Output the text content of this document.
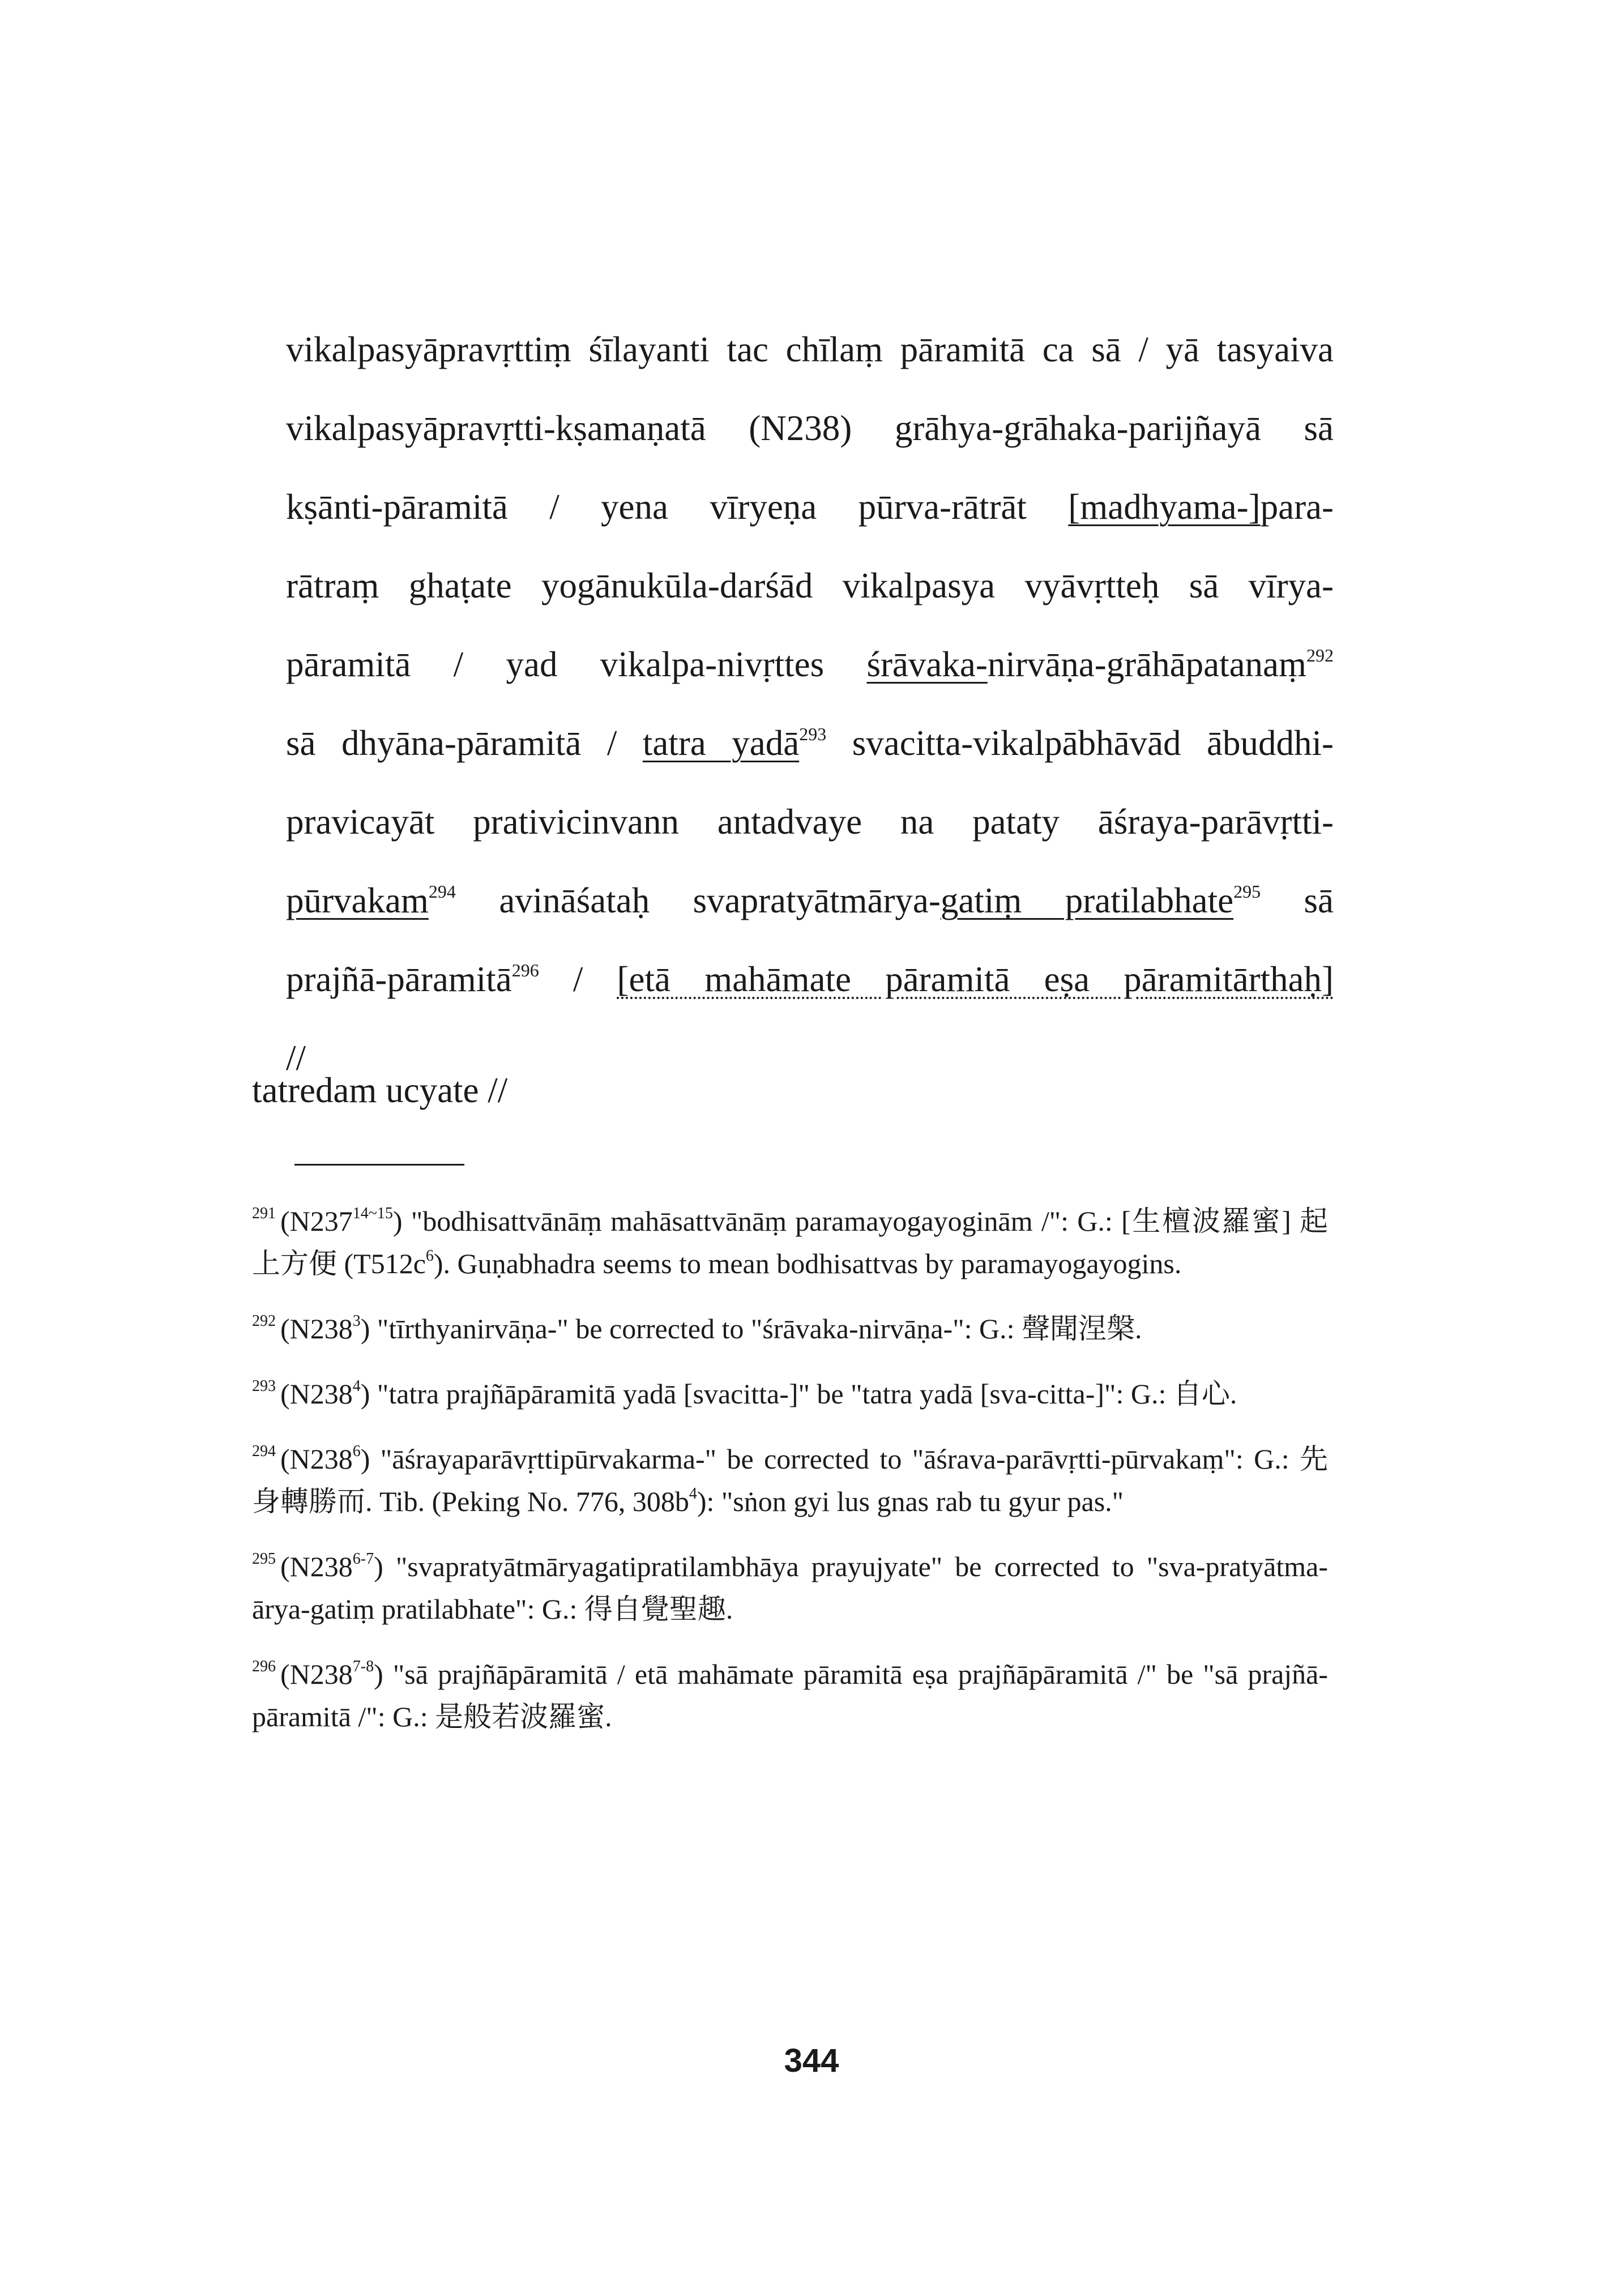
vikalpasyāpravṛttiṃ śīlayanti tac chīlaṃ pāramitā ca sā / yā tasyaiva
vikalpasyāpravṛtti-kṣamaṇatā (N238) grāhya-grāhaka-parijñayā sā
kṣānti-pāramitā / yena vīryeṇa pūrva-rātrāt [madhyama-]para-
rātraṃ ghaṭate yogānukūla-darśād vikalpasya vyāvṛtteḥ sā vīrya-
pāramitā / yad vikalpa-nivṛttes śrāvaka-nirvāṇa-grāhāpatanaṃ$^{292}$
sā dhyāna-pāramitā / tatra yadā$^{293}$ svacitta-vikalpābhāvād ābuddhi-
pravicayāt prativicinvann antadvaye na pataty āśraya-parāvṛtti-
pūrvakam$^{294}$ avināśataḥ svapratyātmārya-gatiṃ pratilabhate$^{295}$ sā
prajñā-pāramitā$^{296}$ / [etā mahāmate pāramitā eṣa pāramitārthaḥ]
//
tatredam ucyate //

$^{291}$ $(N237^{14\sim 15})$ "bodhisattvānāṃ mahāsattvānāṃ paramayogayoginām /": G.: [生檀波羅蜜] 起上方便 $(T512c^6)$. Guṇabhadra seems to mean bodhisattvas by paramayogayogins.

$^{292}$ $(N238^3)$ "tīrthyanirvāṇa-" be corrected to "śrāvaka-nirvāṇa-": G.: 聲聞涅槃.

$^{293}$ $(N238^4)$ "tatra prajñāpāramitā yadā [svacitta-]" be "tatra yadā [sva-citta-]": G.: 自心.

$^{294}$ $(N238^6)$ "āśrayaparāvṛttipūrvakarma-" be corrected to "āśrava-parāvṛtti-pūrvakaṃ": G.: 先身轉勝而. Tib. (Peking No. 776, $308b^4$): "sṅon gyi lus gnas rab tu gyur pas."

$^{295}$ (N238$^{6-7}$) "svapratyātmāryagatipratilambhāya prayujyate" be corrected to "sva-pratyātma-ārya-gatiṃ pratilabhate": G.: 得自覺聖趣.

$^{296}$ (N238$^{7-8}$) "sā prajñāpāramitā / etā mahāmate pāramitā eṣa prajñāpāramitā /" be "sā prajñā-pāramitā /": G.: 是般若波羅蜜.

344
